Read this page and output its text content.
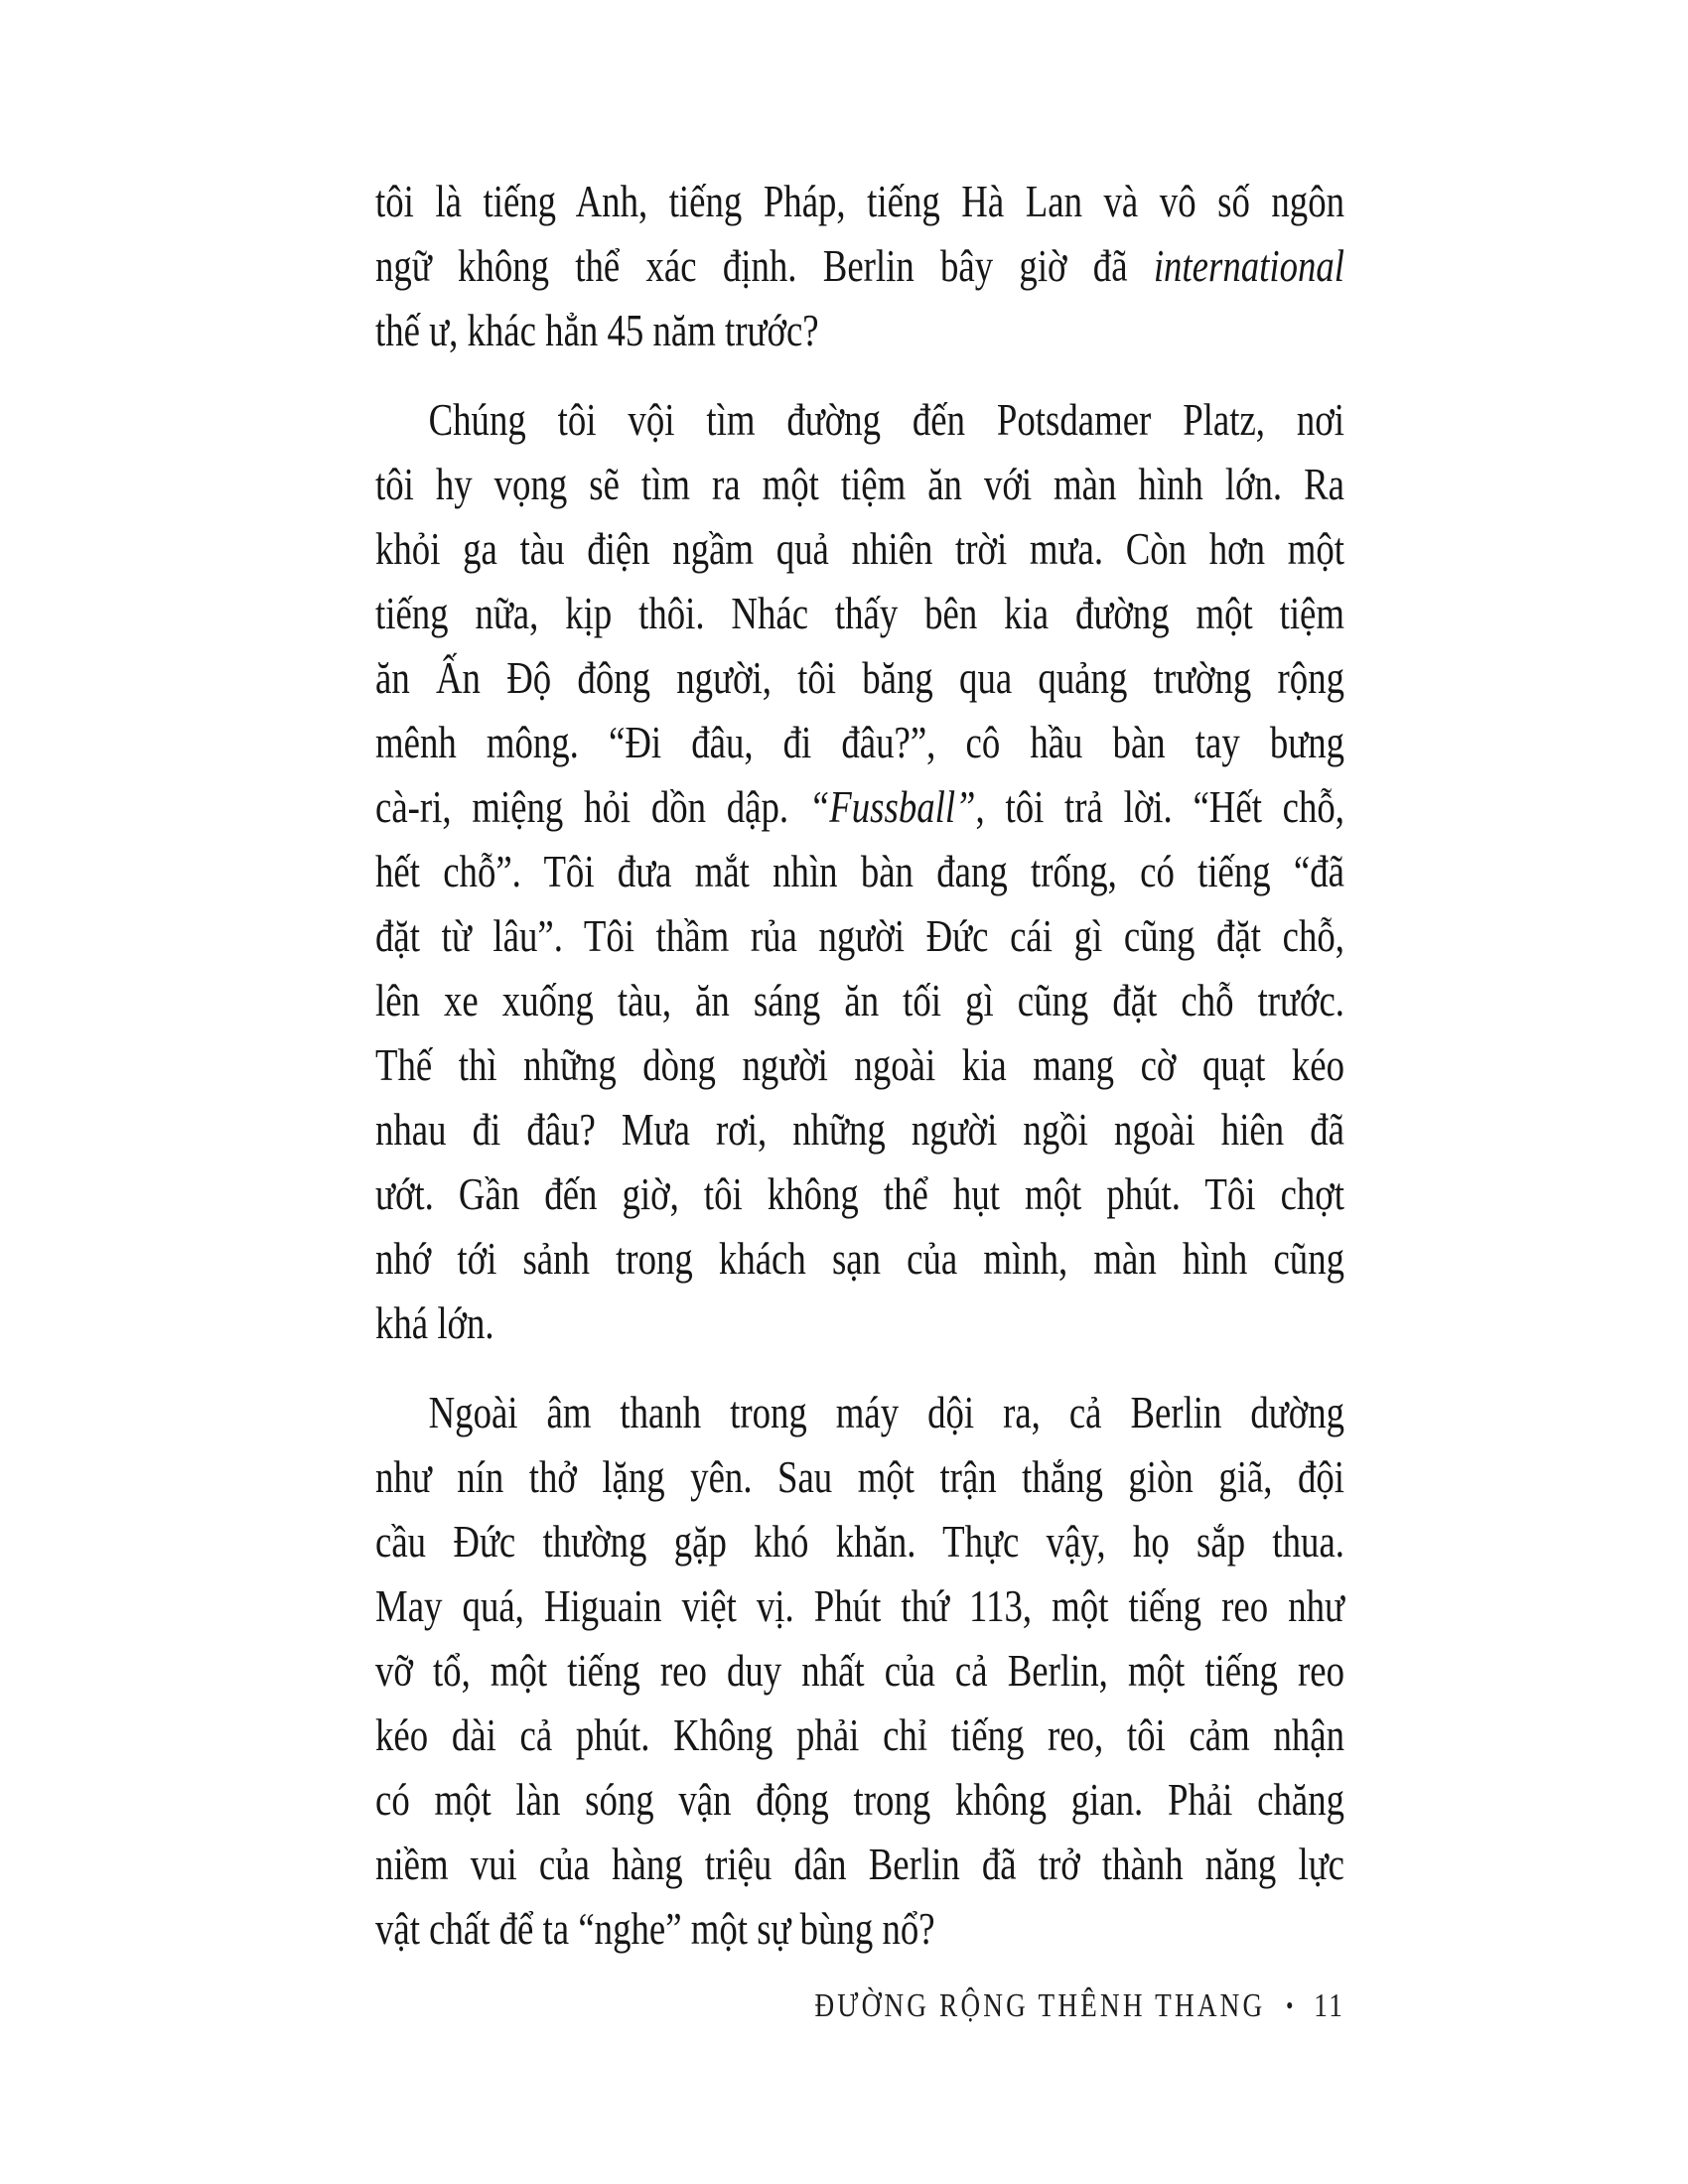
tôi là tiếng Anh, tiếng Pháp, tiếng Hà Lan và vô số ngôn
ngữ không thể xác định. Berlin bây giờ đã international
thế ư, khác hẳn 45 năm trước?
Chúng tôi vội tìm đường đến Potsdamer Platz, nơi
tôi hy vọng sẽ tìm ra một tiệm ăn với màn hình lớn. Ra
khỏi ga tàu điện ngầm quả nhiên trời mưa. Còn hơn một
tiếng nữa, kịp thôi. Nhác thấy bên kia đường một tiệm
ăn Ấn Độ đông người, tôi băng qua quảng trường rộng
mênh mông. “Đi đâu, đi đâu?”, cô hầu bàn tay bưng
cà-ri, miệng hỏi dồn dập. “Fussball”, tôi trả lời. “Hết chỗ,
hết chỗ”. Tôi đưa mắt nhìn bàn đang trống, có tiếng “đã
đặt từ lâu”. Tôi thầm rủa người Đức cái gì cũng đặt chỗ,
lên xe xuống tàu, ăn sáng ăn tối gì cũng đặt chỗ trước.
Thế thì những dòng người ngoài kia mang cờ quạt kéo
nhau đi đâu? Mưa rơi, những người ngồi ngoài hiên đã
ướt. Gần đến giờ, tôi không thể hụt một phút. Tôi chợt
nhớ tới sảnh trong khách sạn của mình, màn hình cũng
khá lớn.
Ngoài âm thanh trong máy dội ra, cả Berlin dường
như nín thở lặng yên. Sau một trận thắng giòn giã, đội
cầu Đức thường gặp khó khăn. Thực vậy, họ sắp thua.
May quá, Higuain việt vị. Phút thứ 113, một tiếng reo như
vỡ tổ, một tiếng reo duy nhất của cả Berlin, một tiếng reo
kéo dài cả phút. Không phải chỉ tiếng reo, tôi cảm nhận
có một làn sóng vận động trong không gian. Phải chăng
niềm vui của hàng triệu dân Berlin đã trở thành năng lực
vật chất để ta “nghe” một sự bùng nổ?
ĐƯỜNG RỘNG THÊNH THANG • 11
